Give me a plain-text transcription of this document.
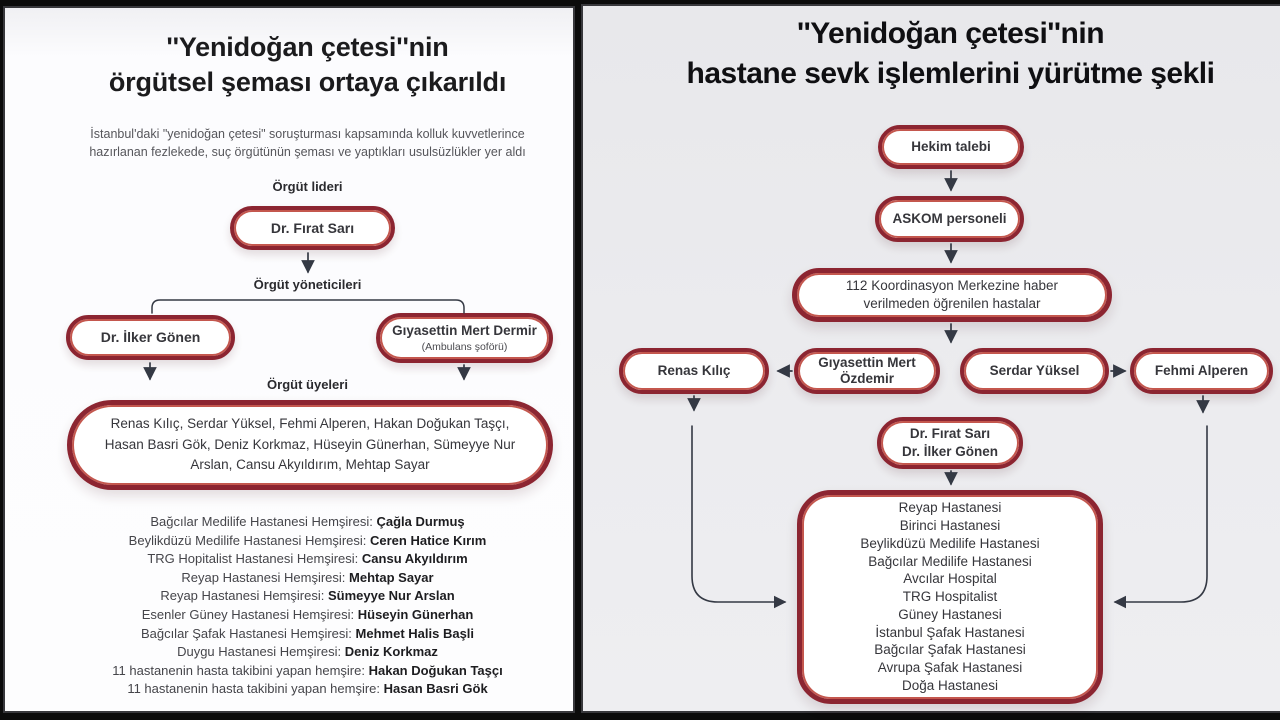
''Yenidoğan çetesi''nin
örgütsel şeması ortaya çıkarıldı
İstanbul'daki "yenidoğan çetesi" soruşturması kapsamında kolluk kuvvetlerince hazırlanan fezlekede, suç örgütünün şeması ve yaptıkları usulsüzlükler yer aldı
Örgüt lideri
Dr. Fırat Sarı
Örgüt yöneticileri
Dr. İlker Gönen	Gıyasettin Mert Dermir
(Ambulans şoförü)
Örgüt üyeleri
Renas Kılıç, Serdar Yüksel, Fehmi Alperen, Hakan Doğukan Taşçı, Hasan Basri Gök, Deniz Korkmaz, Hüseyin Günerhan, Sümeyye Nur Arslan, Cansu Akyıldırım, Mehtap Sayar
Bağcılar Medilife Hastanesi Hemşiresi: Çağla Durmuş
Beylikdüzü Medilife Hastanesi Hemşiresi: Ceren Hatice Kırım
TRG Hopitalist Hastanesi Hemşiresi: Cansu Akyıldırım
Reyap Hastanesi Hemşiresi: Mehtap Sayar
Reyap Hastanesi Hemşiresi: Sümeyye Nur Arslan
Esenler Güney Hastanesi Hemşiresi: Hüseyin Günerhan
Bağcılar Şafak Hastanesi Hemşiresi: Mehmet Halis Başli
Duygu Hastanesi Hemşiresi: Deniz Korkmaz
11 hastanenin hasta takibini yapan hemşire: Hakan Doğukan Taşçı
11 hastanenin hasta takibini yapan hemşire: Hasan Basri Gök
''Yenidoğan çetesi''nin
hastane sevk işlemlerini yürütme şekli
Hekim talebi
ASKOM personeli
112 Koordinasyon Merkezine haber verilmeden öğrenilen hastalar
Renas Kılıç
Gıyasettin Mert Özdemir
Serdar Yüksel	Fehmi Alperen
Dr. Fırat Sarı
Dr. İlker Gönen
Reyap Hastanesi
Birinci Hastanesi
Beylikdüzü Medilife Hastanesi
Bağcılar Medilife Hastanesi
Avcılar Hospital
TRG Hospitalist
Güney Hastanesi
İstanbul Şafak Hastanesi
Bağcılar Şafak Hastanesi
Avrupa Şafak Hastanesi
Doğa Hastanesi
